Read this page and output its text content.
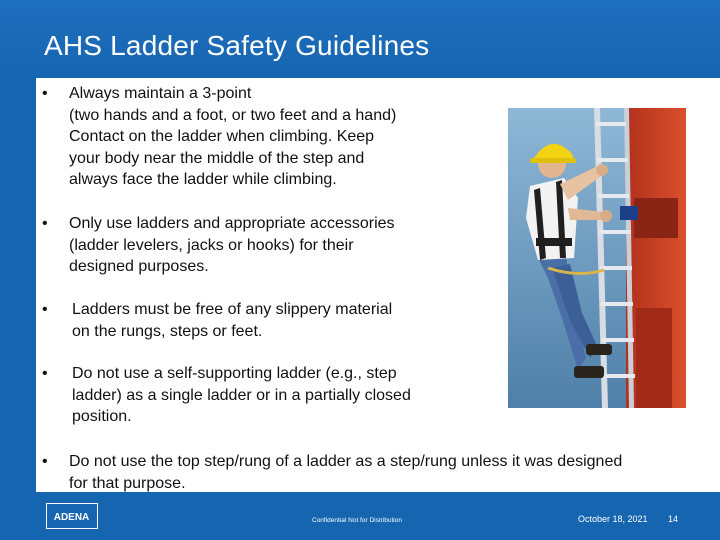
AHS Ladder Safety Guidelines
•	Always maintain a 3-point
(two hands and a foot, or two feet and a hand)
Contact on the ladder when climbing. Keep
your body near the middle of the step and
always face the ladder while climbing.
•	Only use ladders and appropriate accessories
(ladder levelers, jacks or hooks) for their
designed purposes.
•	Ladders must be free of any slippery material
on the rungs, steps or feet.
•	Do not use a self-supporting ladder (e.g., step
ladder) as a single ladder or in a partially closed
position.
•	Do not use the top step/rung of a ladder as a step/rung unless it was designed
for that purpose.
ADENA	Confidential Not for Distribution	October 18, 2021 14
